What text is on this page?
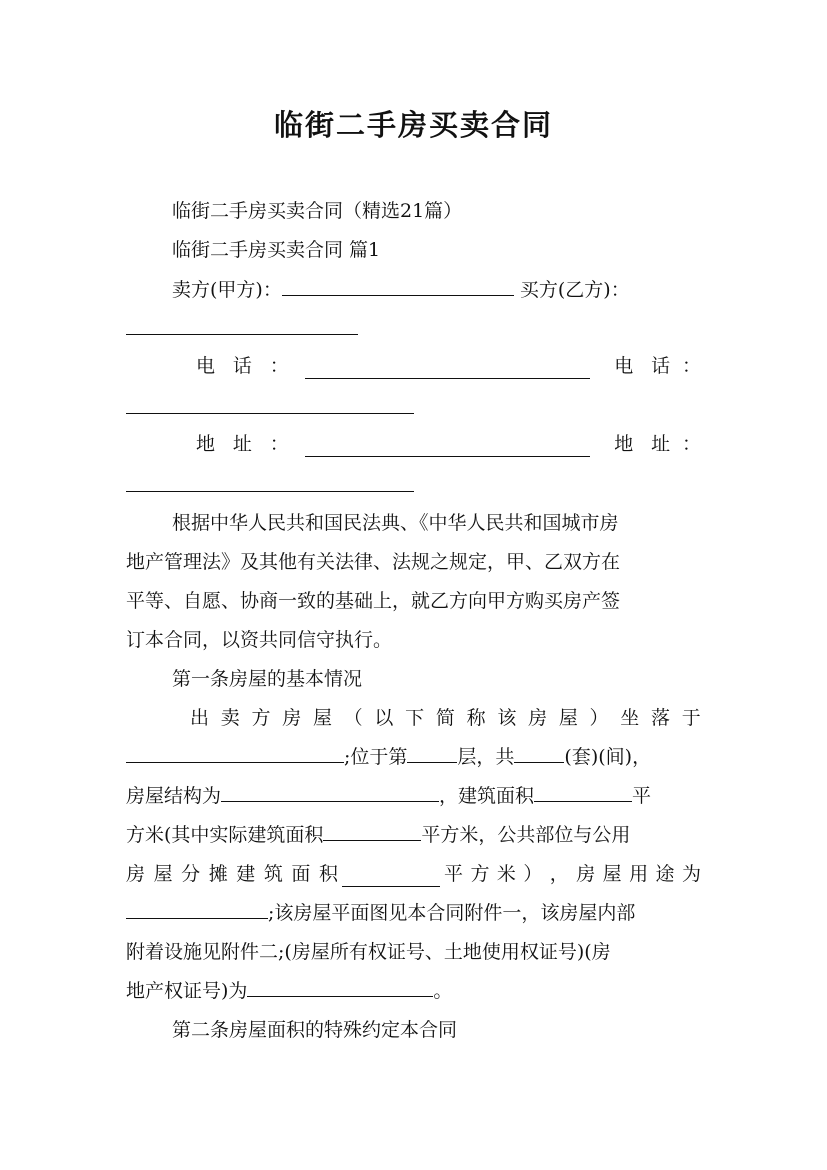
临街二手房买卖合同
临街二手房买卖合同（精选21篇）
临街二手房买卖合同 篇1
卖方(甲方)：	买方(乙方)：
电 话 ：	电 话 ：
地 址 ：	地 址 ：
根据中华人民共和国民法典、《中华人民共和国城市房
地产管理法》及其他有关法律、法规之规定，甲、乙双方在
平等、自愿、协商一致的基础上，就乙方向甲方购买房产签
订本合同，以资共同信守执行。
第一条房屋的基本情况
出 卖 方 房 屋 （ 以 下 简 称 该 房 屋 ） 坐 落 于
;位于第	层，共	(套)(间)，
房屋结构为	，建筑面积	平
方米(其中实际建筑面积	平方米，公共部位与公用
房 屋 分 摊 建 筑 面 积	平 方 米 ） ， 房 屋 用 途 为
;该房屋平面图见本合同附件一，该房屋内部
附着设施见附件二;(房屋所有权证号、土地使用权证号)(房
地产权证号)为	。
第二条房屋面积的特殊约定本合同
